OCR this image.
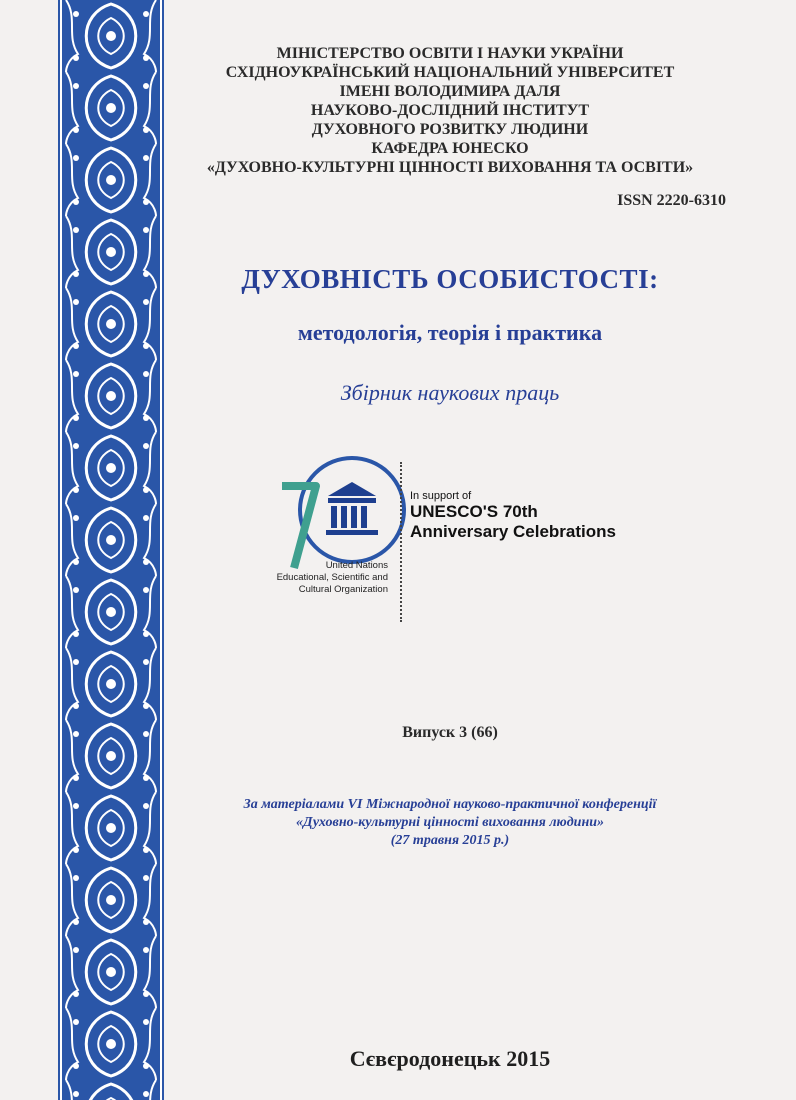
МІНІСТЕРСТВО ОСВІТИ І НАУКИ УКРАЇНИ
СХІДНОУКРАЇНСЬКИЙ НАЦІОНАЛЬНИЙ УНІВЕРСИТЕТ
ІМЕНІ ВОЛОДИМИРА ДАЛЯ
НАУКОВО-ДОСЛІДНИЙ ІНСТИТУТ
ДУХОВНОГО РОЗВИТКУ ЛЮДИНИ
КАФЕДРА ЮНЕСКО
«ДУХОВНО-КУЛЬТУРНІ ЦІННОСТІ ВИХОВАННЯ ТА ОСВІТИ»
ISSN 2220-6310
ДУХОВНІСТЬ ОСОБИСТОСТІ:
методологія, теорія і практика
Збірник наукових праць
United Nations
Educational, Scientific and
Cultural Organization
In support of
UNESCO'S 70th
Anniversary Celebrations
Випуск 3 (66)
За матеріалами VI Міжнародної науково-практичної конференції
«Духовно-культурні цінності виховання людини»
(27 травня 2015 р.)
Сєвєродонецьк 2015
